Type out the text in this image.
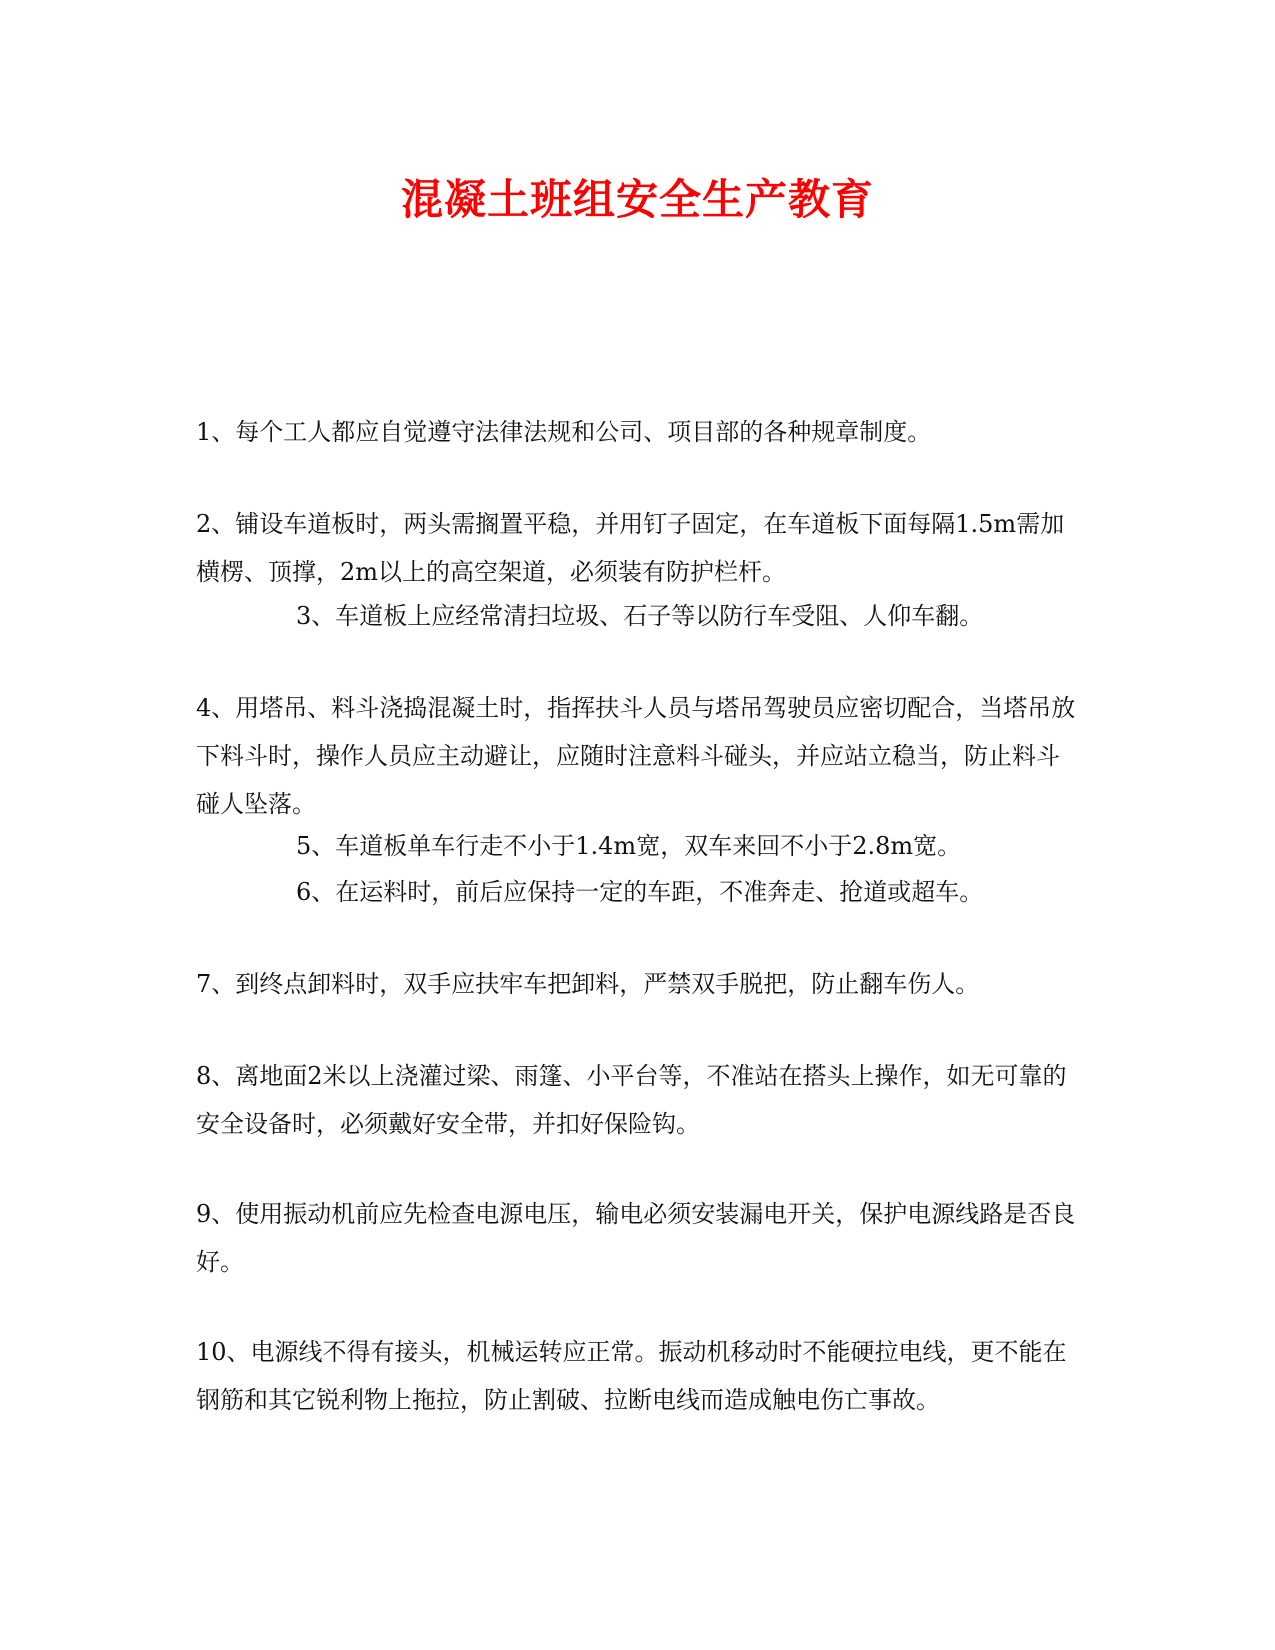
混凝土班组安全生产教育

1、每个工人都应自觉遵守法律法规和公司、项目部的各种规章制度。

2、铺设车道板时，两头需搁置平稳，并用钉子固定，在车道板下面每隔1.5m需加横楞、顶撑，2m以上的高空架道，必须装有防护栏杆。

3、车道板上应经常清扫垃圾、石子等以防行车受阻、人仰车翻。

4、用塔吊、料斗浇捣混凝土时，指挥扶斗人员与塔吊驾驶员应密切配合，当塔吊放下料斗时，操作人员应主动避让，应随时注意料斗碰头，并应站立稳当，防止料斗碰人坠落。

5、车道板单车行走不小于1.4m宽，双车来回不小于2.8m宽。

6、在运料时，前后应保持一定的车距，不准奔走、抢道或超车。

7、到终点卸料时，双手应扶牢车把卸料，严禁双手脱把，防止翻车伤人。

8、离地面2米以上浇灌过梁、雨篷、小平台等，不准站在搭头上操作，如无可靠的安全设备时，必须戴好安全带，并扣好保险钩。

9、使用振动机前应先检查电源电压，输电必须安装漏电开关，保护电源线路是否良好。

10、电源线不得有接头，机械运转应正常。振动机移动时不能硬拉电线，更不能在钢筋和其它锐利物上拖拉，防止割破、拉断电线而造成触电伤亡事故。
